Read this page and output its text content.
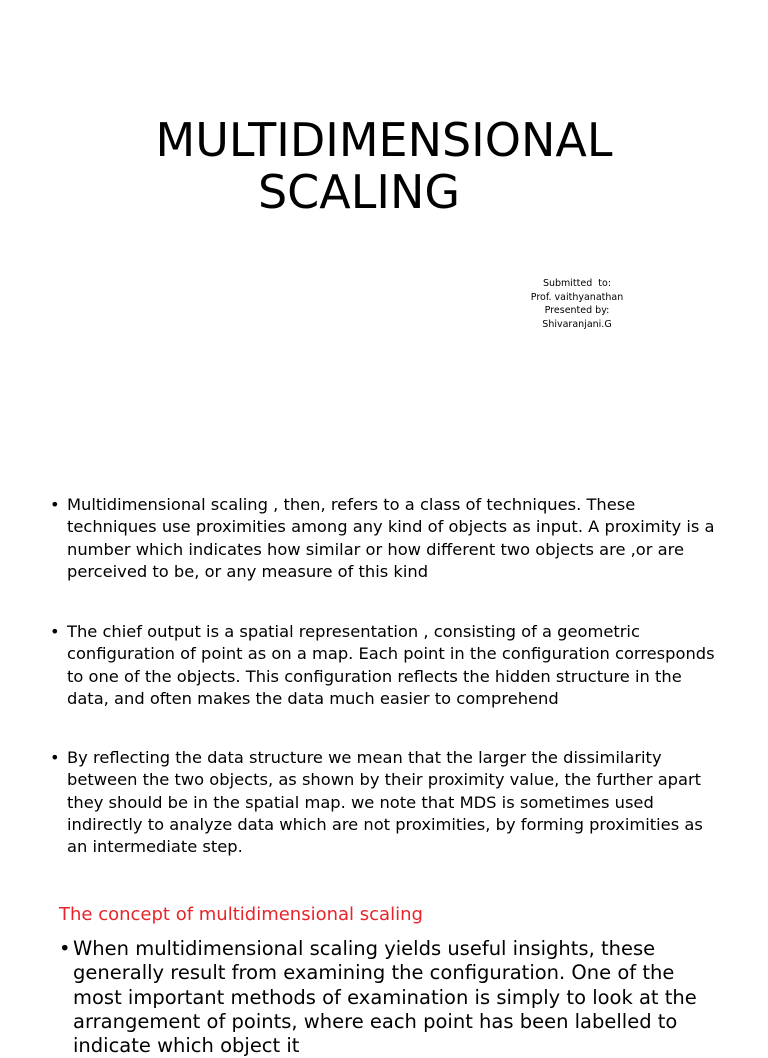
MULTIDIMENSIONAL
SCALING
Submitted  to:
Prof. vaithyanathan
Presented by:
Shivaranjani.G
• Multidimensional scaling , then, refers to a class of techniques. These techniques use proximities among any kind of objects as input. A proximity is a number which indicates how similar or how different two objects are ,or are perceived to be, or any measure of this kind
• The chief output is a spatial representation , consisting of a geometric configuration of point as on a map. Each point in the configuration corresponds to one of the objects. This configuration reflects the hidden structure in the data, and often makes the data much easier to comprehend
• By reflecting the data structure we mean that the larger the dissimilarity between the two objects, as shown by their proximity value, the further apart they should be in the spatial map. we note that MDS is sometimes used indirectly to analyze data which are not proximities, by forming proximities as an intermediate step.
The concept of multidimensional scaling
• When multidimensional scaling yields useful insights, these generally result from examining the configuration. One of the most important methods of examination is simply to look at the arrangement of points, where each point has been labelled to indicate which object it
